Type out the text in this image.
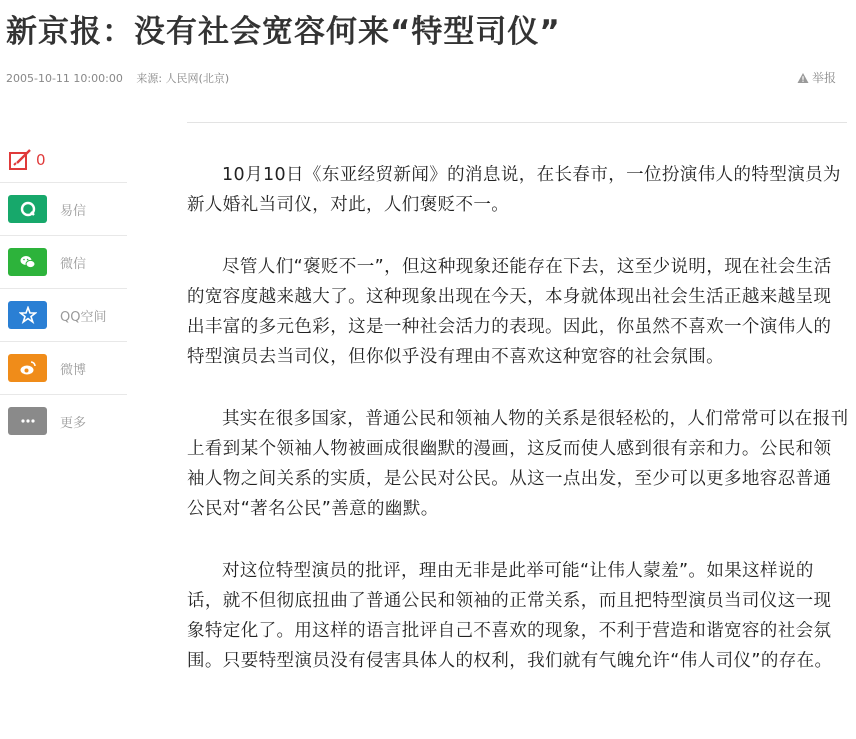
新京报：没有社会宽容何来“特型司仪”
2005-10-11 10:00:00 来源: 人民网(北京)	举报
0
易信
微信
QQ空间
微博
更多

10月10日《东亚经贸新闻》的消息说，在长春市，一位扮演伟人的特型演员为新人婚礼当司仪，对此，人们褒贬不一。

尽管人们“褒贬不一”，但这种现象还能存在下去，这至少说明，现在社会生活的宽容度越来越大了。这种现象出现在今天，本身就体现出社会生活正越来越呈现出丰富的多元色彩，这是一种社会活力的表现。因此，你虽然不喜欢一个演伟人的特型演员去当司仪，但你似乎没有理由不喜欢这种宽容的社会氛围。

其实在很多国家，普通公民和领袖人物的关系是很轻松的，人们常常可以在报刊上看到某个领袖人物被画成很幽默的漫画，这反而使人感到很有亲和力。公民和领袖人物之间关系的实质，是公民对公民。从这一点出发，至少可以更多地容忍普通公民对“著名公民”善意的幽默。

对这位特型演员的批评，理由无非是此举可能“让伟人蒙羞”。如果这样说的话，就不但彻底扭曲了普通公民和领袖的正常关系，而且把特型演员当司仪这一现象特定化了。用这样的语言批评自己不喜欢的现象，不利于营造和谐宽容的社会氛围。只要特型演员没有侵害具体人的权利，我们就有气魄允许“伟人司仪”的存在。
